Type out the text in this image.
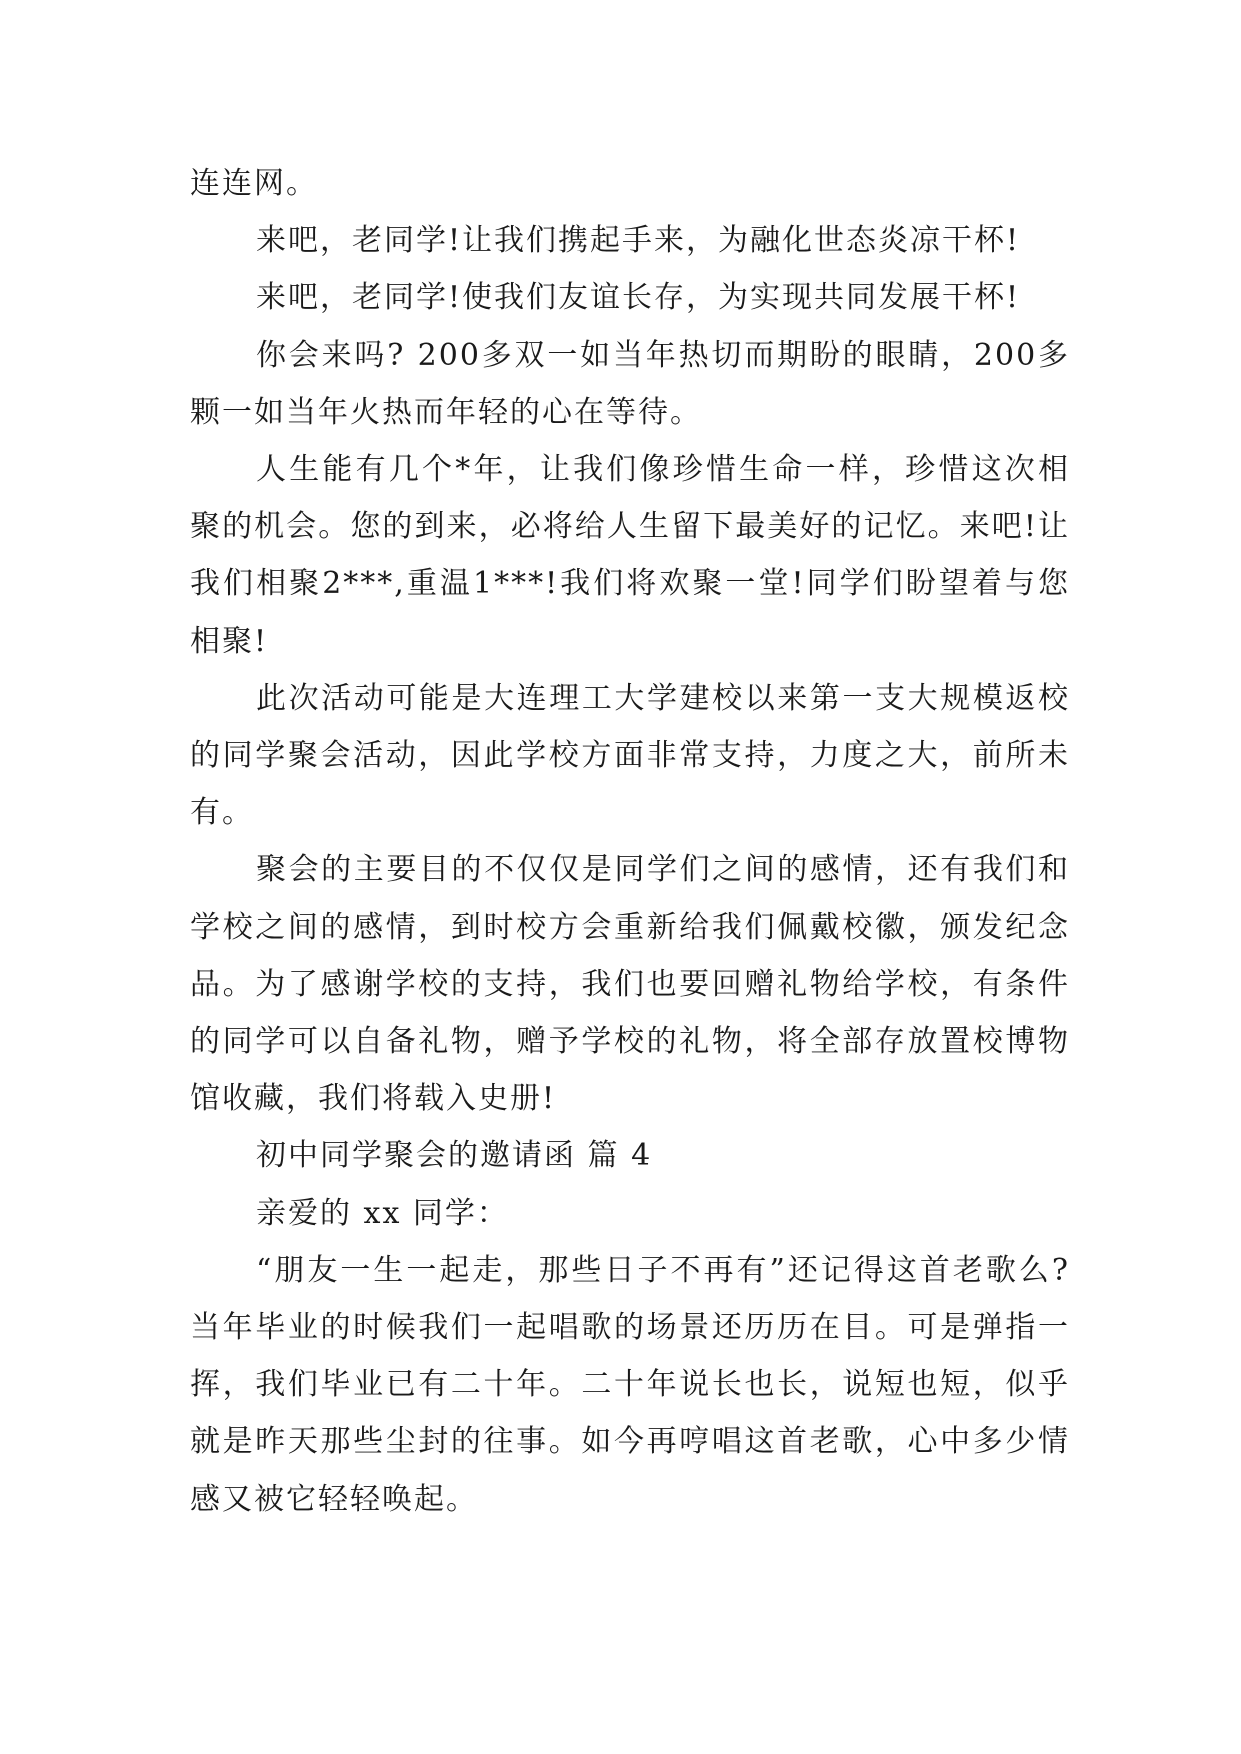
连连网。

来吧，老同学!让我们携起手来，为融化世态炎凉干杯!

来吧，老同学!使我们友谊长存，为实现共同发展干杯!

你会来吗? 200多双一如当年热切而期盼的眼睛，200多颗一如当年火热而年轻的心在等待。

人生能有几个*年，让我们像珍惜生命一样，珍惜这次相聚的机会。您的到来，必将给人生留下最美好的记忆。来吧!让我们相聚2***,重温1***!我们将欢聚一堂!同学们盼望着与您相聚!

此次活动可能是大连理工大学建校以来第一支大规模返校的同学聚会活动，因此学校方面非常支持，力度之大，前所未有。

聚会的主要目的不仅仅是同学们之间的感情，还有我们和学校之间的感情，到时校方会重新给我们佩戴校徽，颁发纪念品。为了感谢学校的支持，我们也要回赠礼物给学校，有条件的同学可以自备礼物，赠予学校的礼物，将全部存放置校博物馆收藏，我们将载入史册!

初中同学聚会的邀请函 篇 4

亲爱的 xx 同学：

“朋友一生一起走，那些日子不再有”还记得这首老歌么?当年毕业的时候我们一起唱歌的场景还历历在目。可是弹指一挥，我们毕业已有二十年。二十年说长也长，说短也短，似乎就是昨天那些尘封的往事。如今再哼唱这首老歌，心中多少情感又被它轻轻唤起。
